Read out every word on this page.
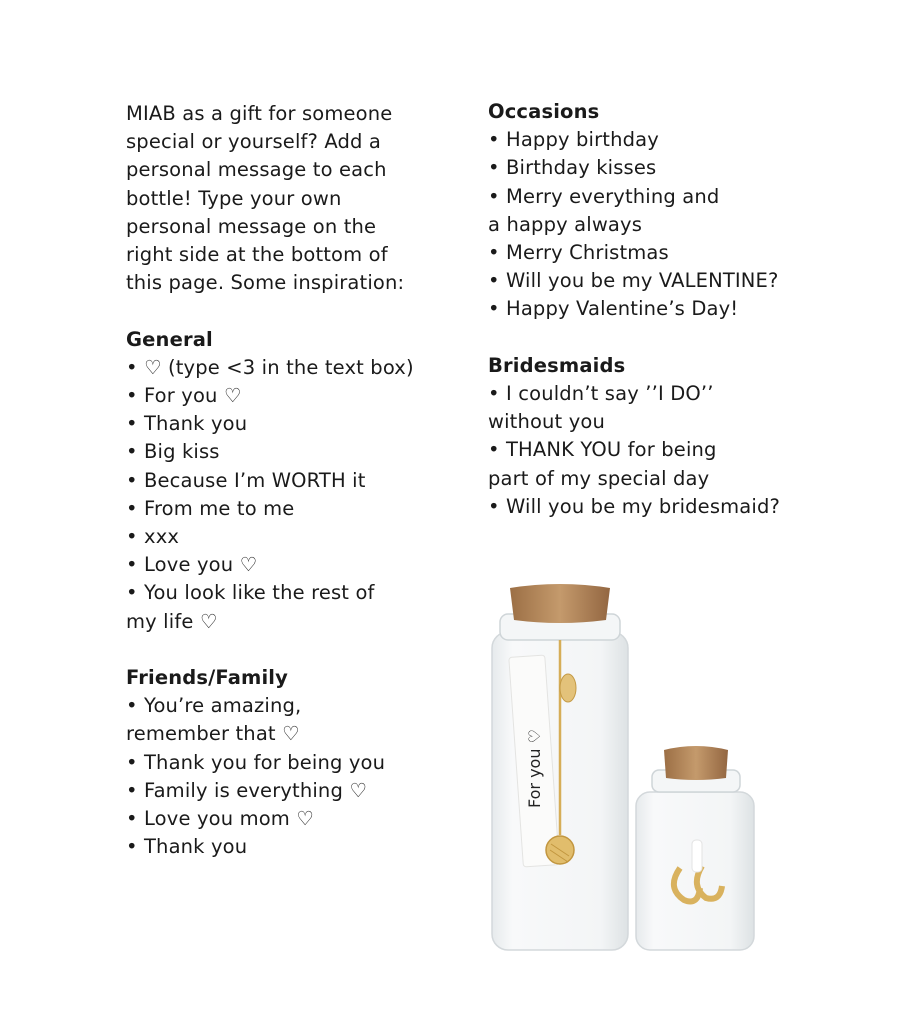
MIAB as a gift for someone
special or yourself? Add a
personal message to each
bottle! Type your own
personal message on the
right side at the bottom of
this page. Some inspiration:
General
• ♡ (type <3 in the text box)
• For you ♡
• Thank you
• Big kiss
• Because I’m WORTH it
• From me to me
• xxx
• Love you ♡
• You look like the rest of
my life ♡
Friends/Family
• You’re amazing,
remember that ♡
• Thank you for being you
• Family is everything ♡
• Love you mom ♡
• Thank you
Occasions
• Happy birthday
• Birthday kisses
• Merry everything and
a happy always
• Merry Christmas
• Will you be my VALENTINE?
• Happy Valentine’s Day!
Bridesmaids
• I couldn’t say ’’I DO’’
without you
• THANK YOU for being
part of my special day
• Will you be my bridesmaid?
For you ♡
